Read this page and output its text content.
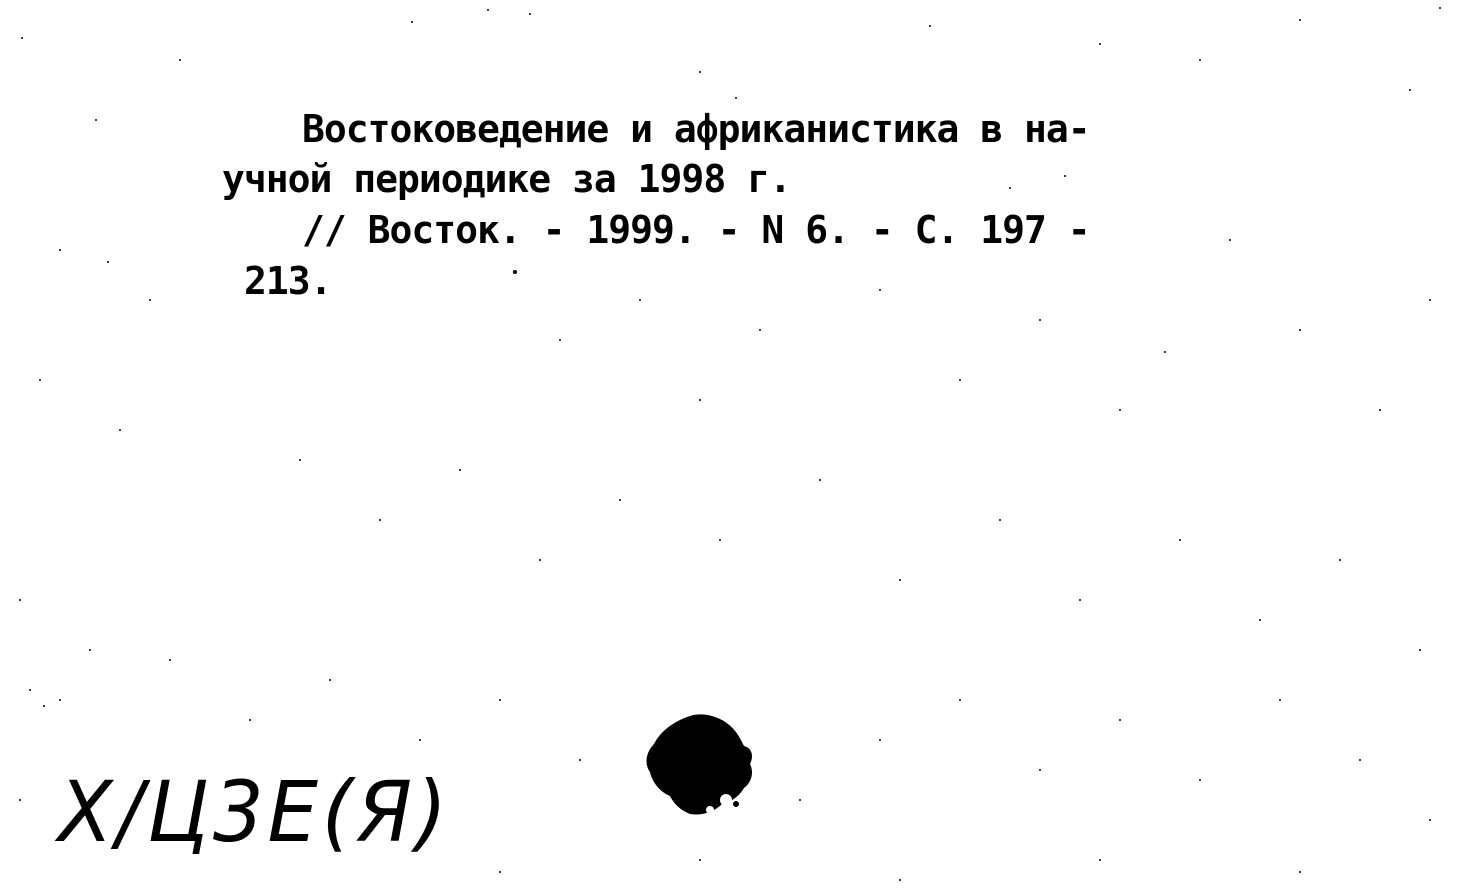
Востоковедение и африканистика в на-
учной периодике за 1998 г.
// Восток. - 1999. - N 6. - С. 197 -
213.
Х/Ц3Е(Я)
